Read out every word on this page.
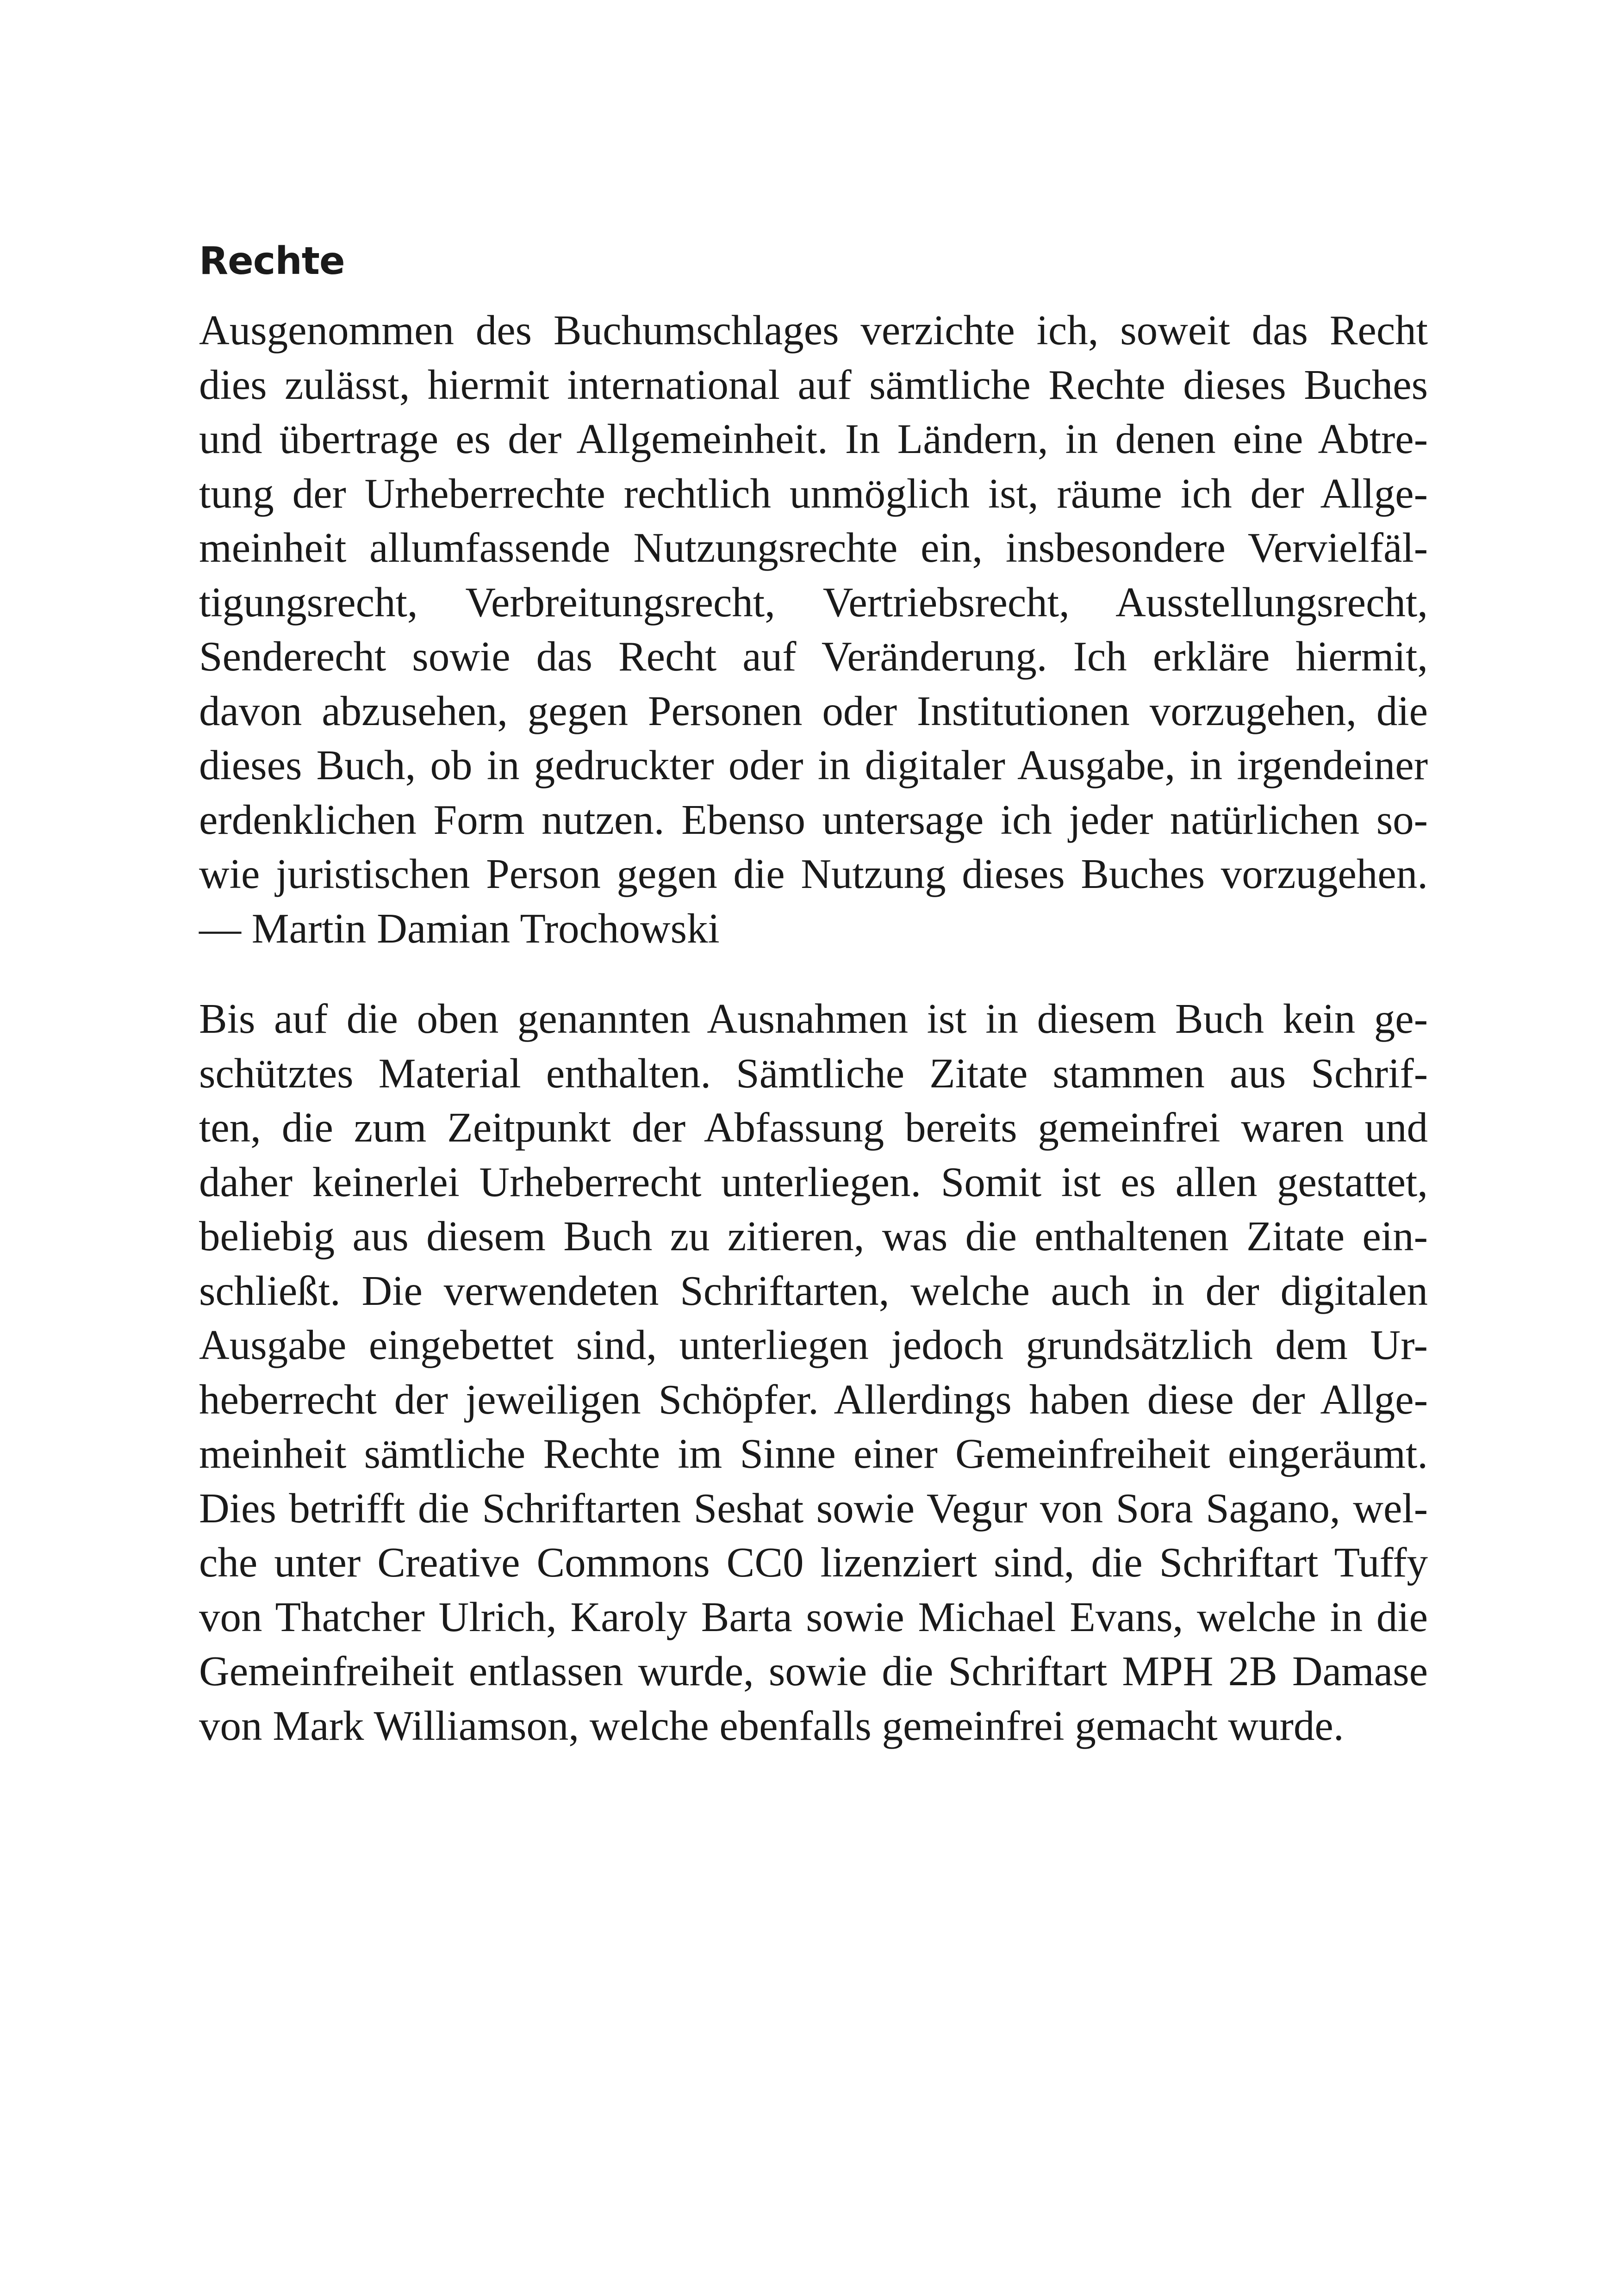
Rechte
Ausgenommen des Buchumschlages verzichte ich, soweit das Recht
dies zulässt, hiermit international auf sämtliche Rechte dieses Buches
und übertrage es der Allgemeinheit. In Ländern, in denen eine Abtre-
tung der Urheberrechte rechtlich unmöglich ist, räume ich der Allge-
meinheit allumfassende Nutzungsrechte ein, insbesondere Vervielfäl-
tigungsrecht, Verbreitungsrecht, Vertriebsrecht, Ausstellungsrecht,
Senderecht sowie das Recht auf Veränderung. Ich erkläre hiermit,
davon abzusehen, gegen Personen oder Institutionen vorzugehen, die
dieses Buch, ob in gedruckter oder in digitaler Ausgabe, in irgendeiner
erdenklichen Form nutzen. Ebenso untersage ich jeder natürlichen so-
wie juristischen Person gegen die Nutzung dieses Buches vorzugehen.

— Martin Damian Trochowski

Bis auf die oben genannten Ausnahmen ist in diesem Buch kein ge-
schütztes Material enthalten. Sämtliche Zitate stammen aus Schrif-
ten, die zum Zeitpunkt der Abfassung bereits gemeinfrei waren und
daher keinerlei Urheberrecht unterliegen. Somit ist es allen gestattet,
beliebig aus diesem Buch zu zitieren, was die enthaltenen Zitate ein-
schließt. Die verwendeten Schriftarten, welche auch in der digitalen
Ausgabe eingebettet sind, unterliegen jedoch grundsätzlich dem Ur-
heberrecht der jeweiligen Schöpfer. Allerdings haben diese der Allge-
meinheit sämtliche Rechte im Sinne einer Gemeinfreiheit eingeräumt.
Dies betrifft die Schriftarten Seshat sowie Vegur von Sora Sagano, wel-
che unter Creative Commons CC0 lizenziert sind, die Schriftart Tuffy
von Thatcher Ulrich, Karoly Barta sowie Michael Evans, welche in die
Gemeinfreiheit entlassen wurde, sowie die Schriftart MPH 2B Damase
von Mark Williamson, welche ebenfalls gemeinfrei gemacht wurde.
